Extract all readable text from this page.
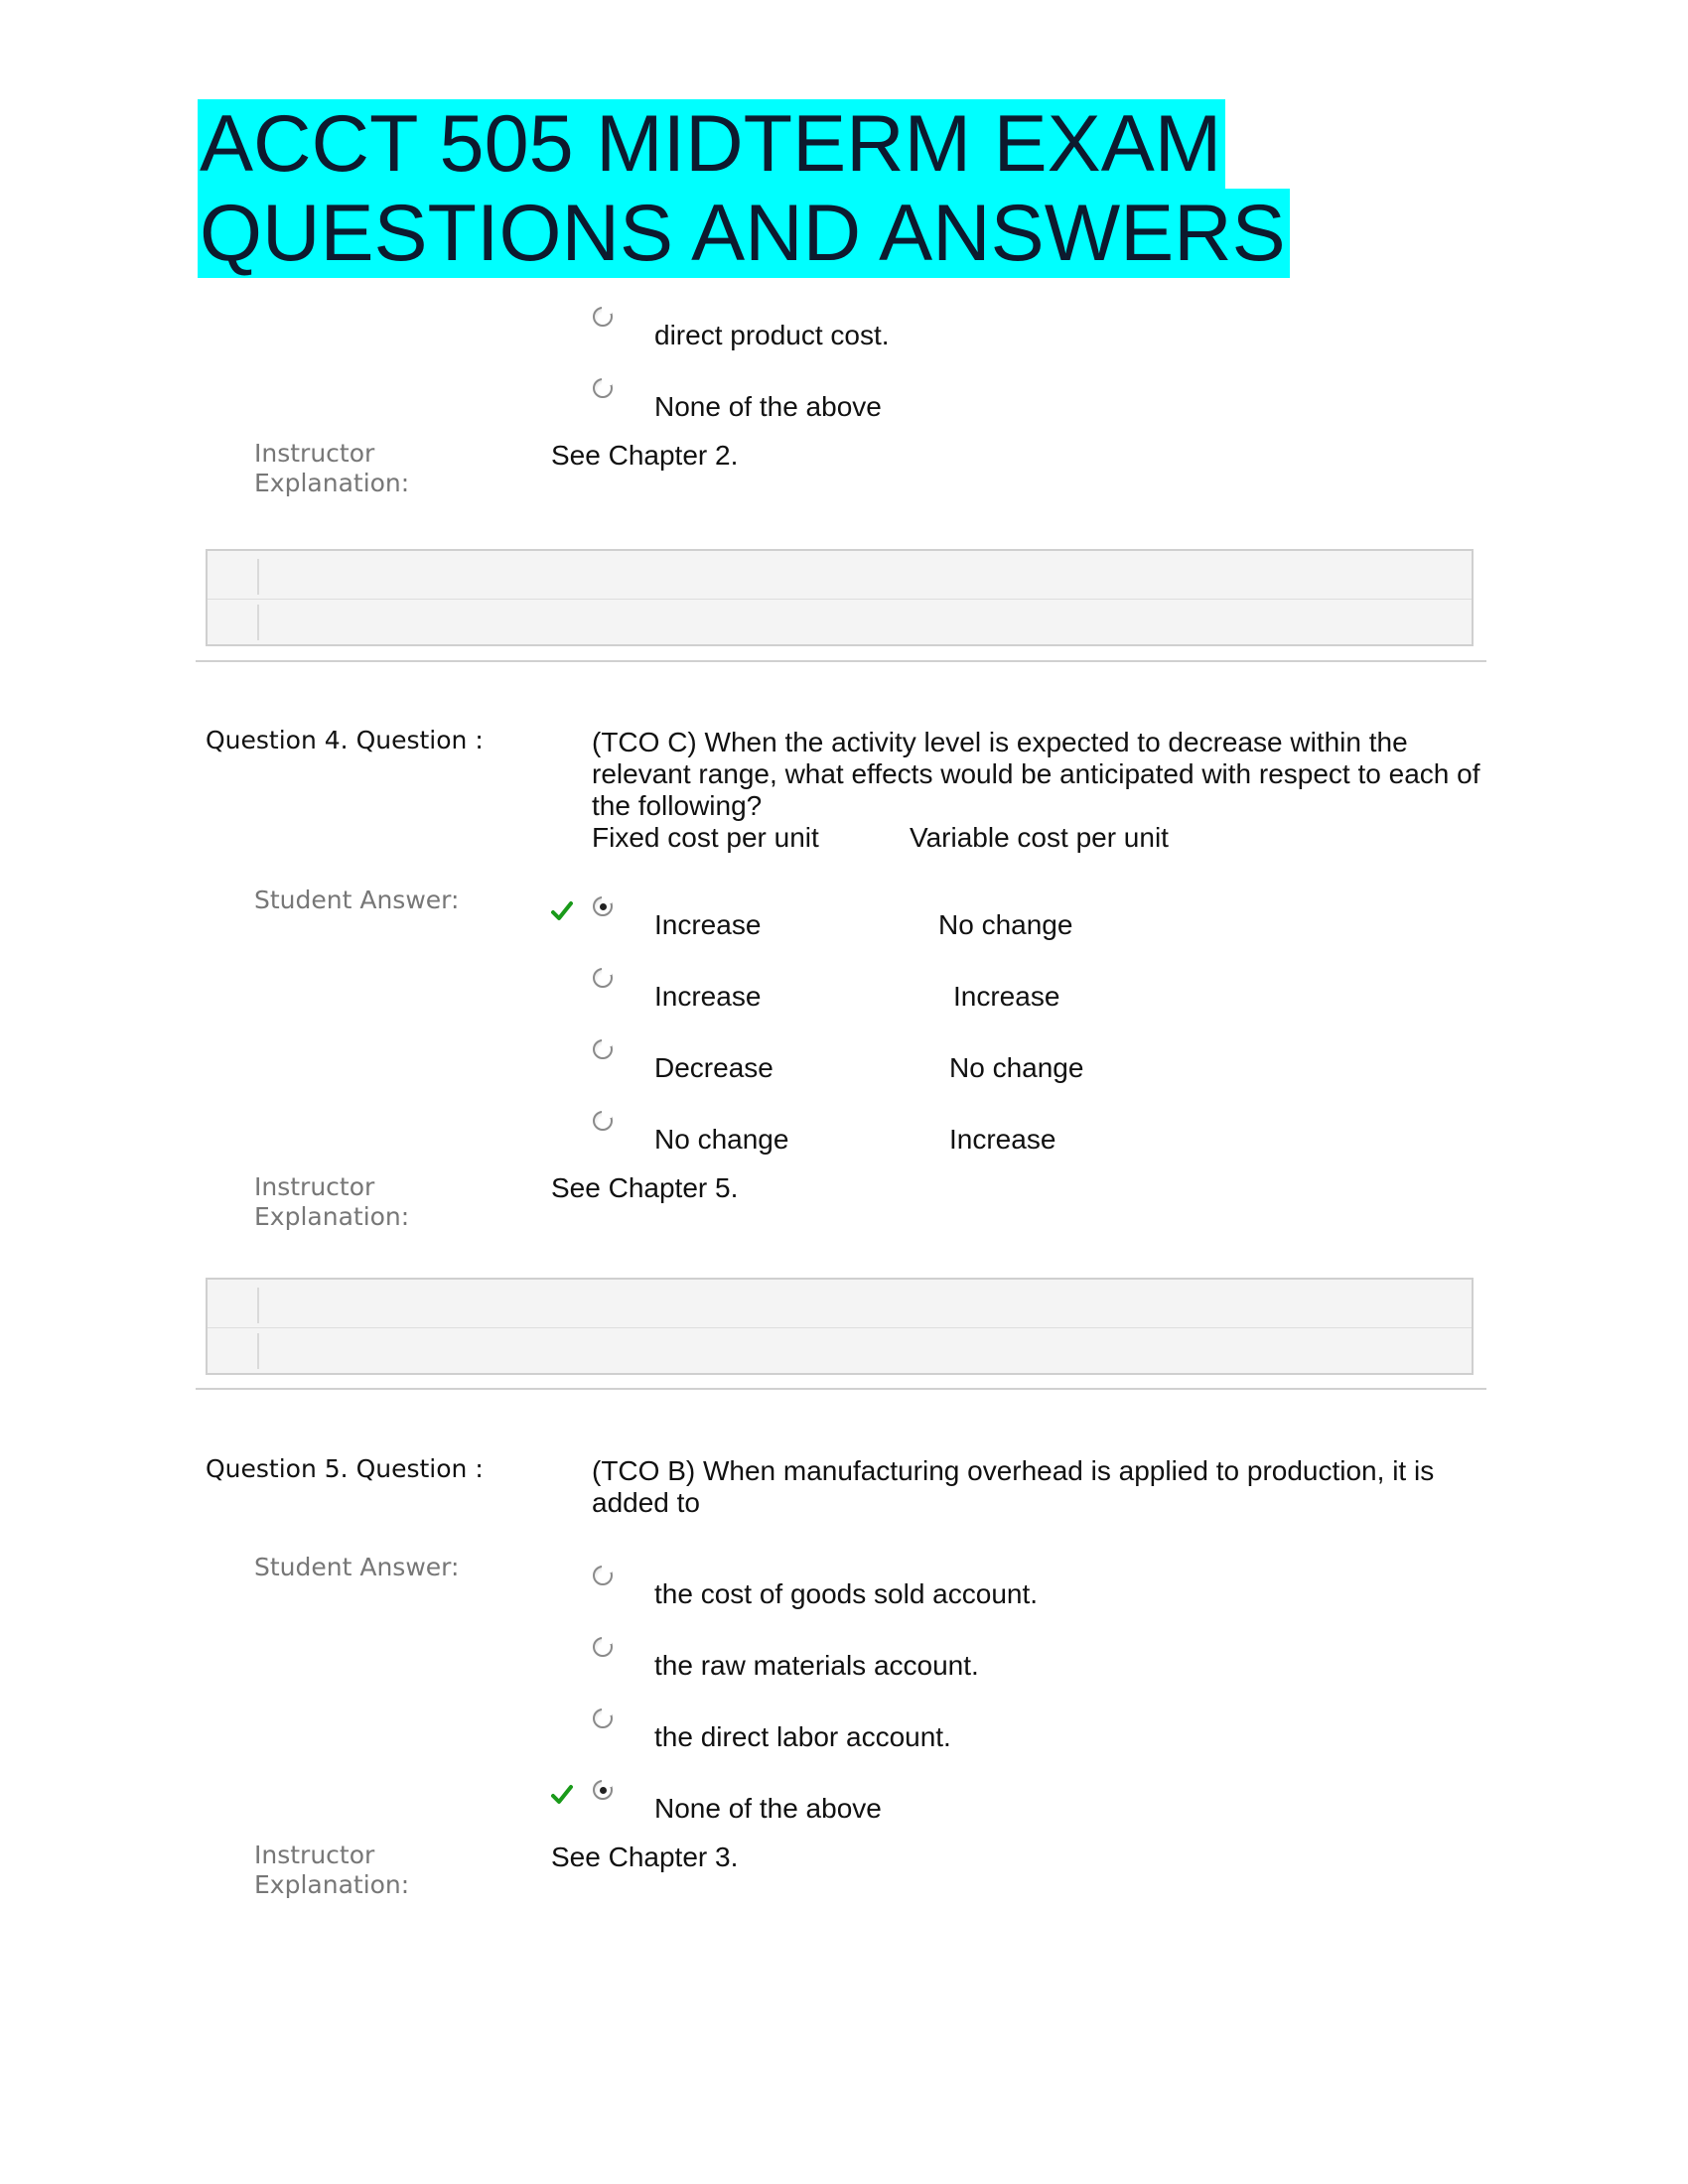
ACCT 505 MIDTERM EXAM
QUESTIONS AND ANSWERS
direct product cost.
None of the above
Instructor
Explanation:
See Chapter 2.
Question 4. Question :	(TCO C) When the activity level is expected to decrease within the relevant range, what effects would be anticipated with respect to each of the following?
Fixed cost per unit	Variable cost per unit
Student Answer:
Increase	No change
Increase	Increase
Decrease	No change
No change	Increase
Instructor
Explanation:
See Chapter 5.
Question 5. Question :	(TCO B) When manufacturing overhead is applied to production, it is added to
Student Answer:
the cost of goods sold account.
the raw materials account.
the direct labor account.
None of the above
Instructor
Explanation:
See Chapter 3.
